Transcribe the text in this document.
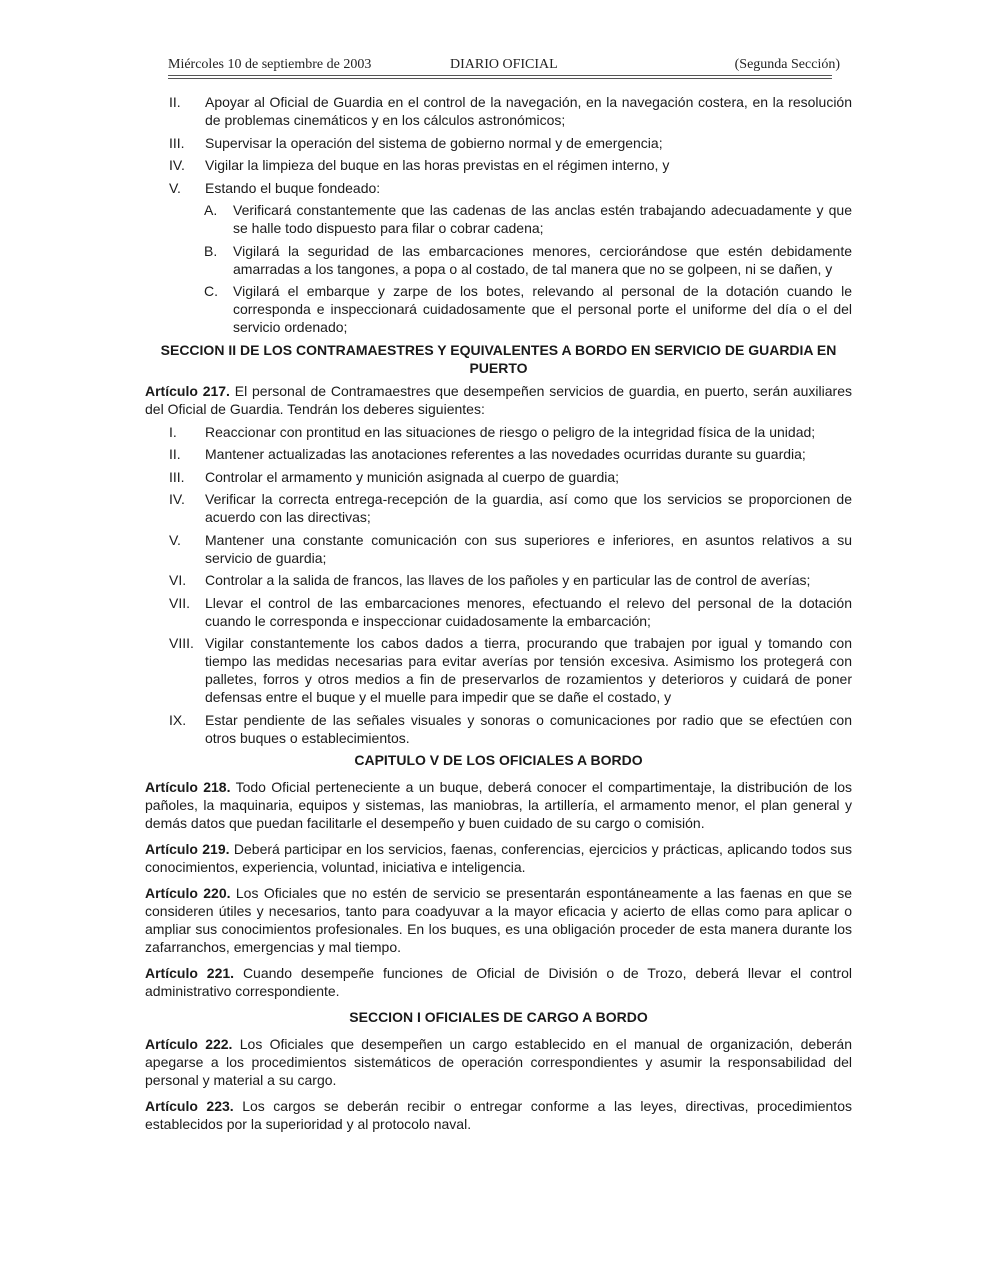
Miércoles 10 de septiembre de 2003	DIARIO OFICIAL	(Segunda Sección)
II.	Apoyar al Oficial de Guardia en el control de la navegación, en la navegación costera, en la resolución de problemas cinemáticos y en los cálculos astronómicos;
III.	Supervisar la operación del sistema de gobierno normal y de emergencia;
IV.	Vigilar la limpieza del buque en las horas previstas en el régimen interno, y
V.	Estando el buque fondeado:
A.	Verificará constantemente que las cadenas de las anclas estén trabajando adecuadamente y que se halle todo dispuesto para filar o cobrar cadena;
B.	Vigilará la seguridad de las embarcaciones menores, cerciorándose que estén debidamente amarradas a los tangones, a popa o al costado, de tal manera que no se golpeen, ni se dañen, y
C.	Vigilará el embarque y zarpe de los botes, relevando al personal de la dotación cuando le corresponda e inspeccionará cuidadosamente que el personal porte el uniforme del día o el del servicio ordenado;
SECCION II DE LOS CONTRAMAESTRES Y EQUIVALENTES A BORDO EN SERVICIO DE GUARDIA EN PUERTO
Artículo 217. El personal de Contramaestres que desempeñen servicios de guardia, en puerto, serán auxiliares del Oficial de Guardia. Tendrán los deberes siguientes:
I.	Reaccionar con prontitud en las situaciones de riesgo o peligro de la integridad física de la unidad;
II.	Mantener actualizadas las anotaciones referentes a las novedades ocurridas durante su guardia;
III.	Controlar el armamento y munición asignada al cuerpo de guardia;
IV.	Verificar la correcta entrega-recepción de la guardia, así como que los servicios se proporcionen de acuerdo con las directivas;
V.	Mantener una constante comunicación con sus superiores e inferiores, en asuntos relativos a su servicio de guardia;
VI.	Controlar a la salida de francos, las llaves de los pañoles y en particular las de control de averías;
VII.	Llevar el control de las embarcaciones menores, efectuando el relevo del personal de la dotación cuando le corresponda e inspeccionar cuidadosamente la embarcación;
VIII. Vigilar constantemente los cabos dados a tierra, procurando que trabajen por igual y tomando con tiempo las medidas necesarias para evitar averías por tensión excesiva. Asimismo los protegerá con palletes, forros y otros medios a fin de preservarlos de rozamientos y deterioros y cuidará de poner defensas entre el buque y el muelle para impedir que se dañe el costado, y
IX.	Estar pendiente de las señales visuales y sonoras o comunicaciones por radio que se efectúen con otros buques o establecimientos.
CAPITULO V DE LOS OFICIALES A BORDO
Artículo 218. Todo Oficial perteneciente a un buque, deberá conocer el compartimentaje, la distribución de los pañoles, la maquinaria, equipos y sistemas, las maniobras, la artillería, el armamento menor, el plan general y demás datos que puedan facilitarle el desempeño y buen cuidado de su cargo o comisión.
Artículo 219. Deberá participar en los servicios, faenas, conferencias, ejercicios y prácticas, aplicando todos sus conocimientos, experiencia, voluntad, iniciativa e inteligencia.
Artículo 220. Los Oficiales que no estén de servicio se presentarán espontáneamente a las faenas en que se consideren útiles y necesarios, tanto para coadyuvar a la mayor eficacia y acierto de ellas como para aplicar o ampliar sus conocimientos profesionales. En los buques, es una obligación proceder de esta manera durante los zafarranchos, emergencias y mal tiempo.
Artículo 221. Cuando desempeñe funciones de Oficial de División o de Trozo, deberá llevar el control administrativo correspondiente.
SECCION I OFICIALES DE CARGO A BORDO
Artículo 222. Los Oficiales que desempeñen un cargo establecido en el manual de organización, deberán apegarse a los procedimientos sistemáticos de operación correspondientes y asumir la responsabilidad del personal y material a su cargo.
Artículo 223. Los cargos se deberán recibir o entregar conforme a las leyes, directivas, procedimientos establecidos por la superioridad y al protocolo naval.
